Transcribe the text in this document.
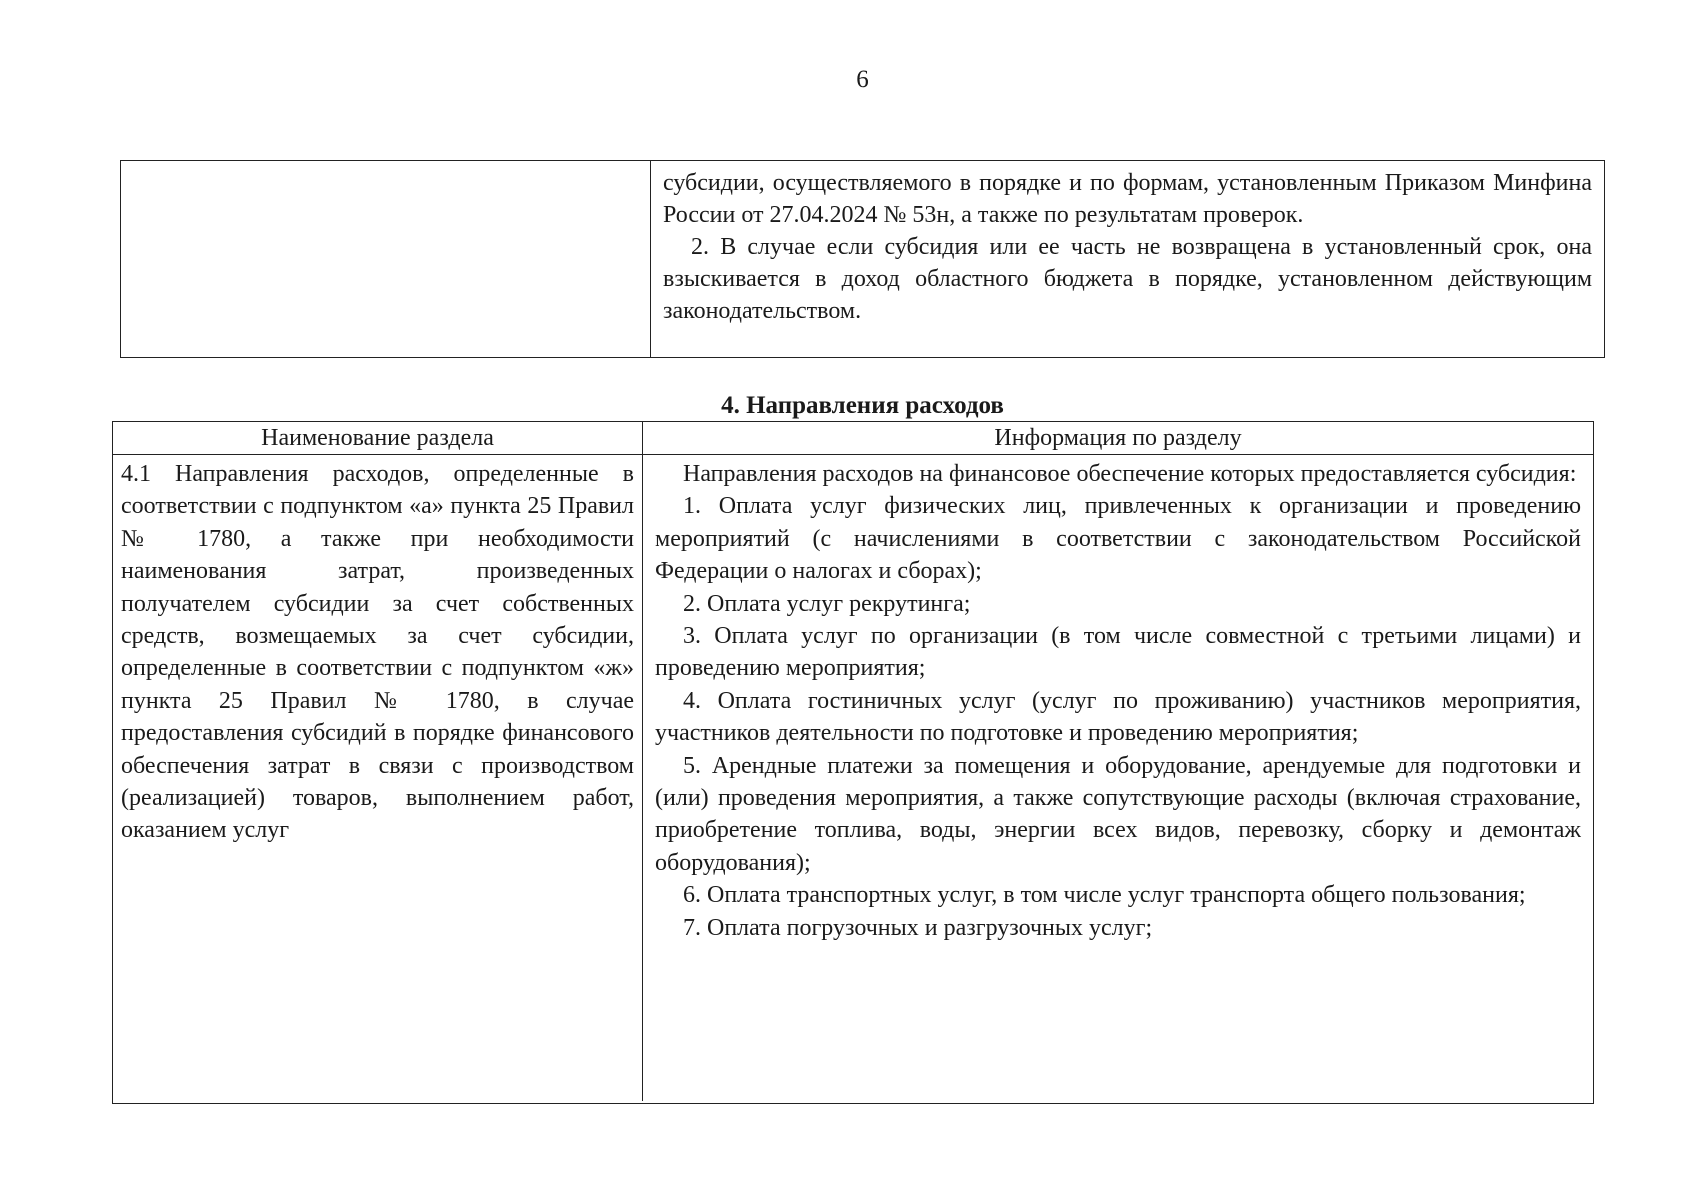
6

субсидии, осуществляемого в порядке и по формам, установленным Приказом Минфина России от 27.04.2024 № 53н, а также по результатам проверок.

2. В случае если субсидия или ее часть не возвращена в установленный срок, она взыскивается в доход областного бюджета в порядке, установленном действующим законодательством.

4. Направления расходов
Наименование раздела	Информация по разделу

4.1 Направления расходов, определенные в соответствии с подпунктом «а» пункта 25 Правил № 1780, а также при необходимости наименования затрат, произведенных получателем субсидии за счет собственных средств, возмещаемых за счет субсидии, определенные в соответствии с подпунктом «ж» пункта 25 Правил № 1780, в случае предоставления субсидий в порядке финансового обеспечения затрат в связи с производством (реализацией) товаров, выполнением работ, оказанием услуг

Направления расходов на финансовое обеспечение которых предоставляется субсидия:

1. Оплата услуг физических лиц, привлеченных к организации и проведению мероприятий (с начислениями в соответствии с законодательством Российской Федерации о налогах и сборах);

2. Оплата услуг рекрутинга;

3. Оплата услуг по организации (в том числе совместной с третьими лицами) и проведению мероприятия;

4. Оплата гостиничных услуг (услуг по проживанию) участников мероприятия, участников деятельности по подготовке и проведению мероприятия;

5. Арендные платежи за помещения и оборудование, арендуемые для подготовки и (или) проведения мероприятия, а также сопутствующие расходы (включая страхование, приобретение топлива, воды, энергии всех видов, перевозку, сборку и демонтаж оборудования);

6. Оплата транспортных услуг, в том числе услуг транспорта общего пользования;

7. Оплата погрузочных и разгрузочных услуг;
